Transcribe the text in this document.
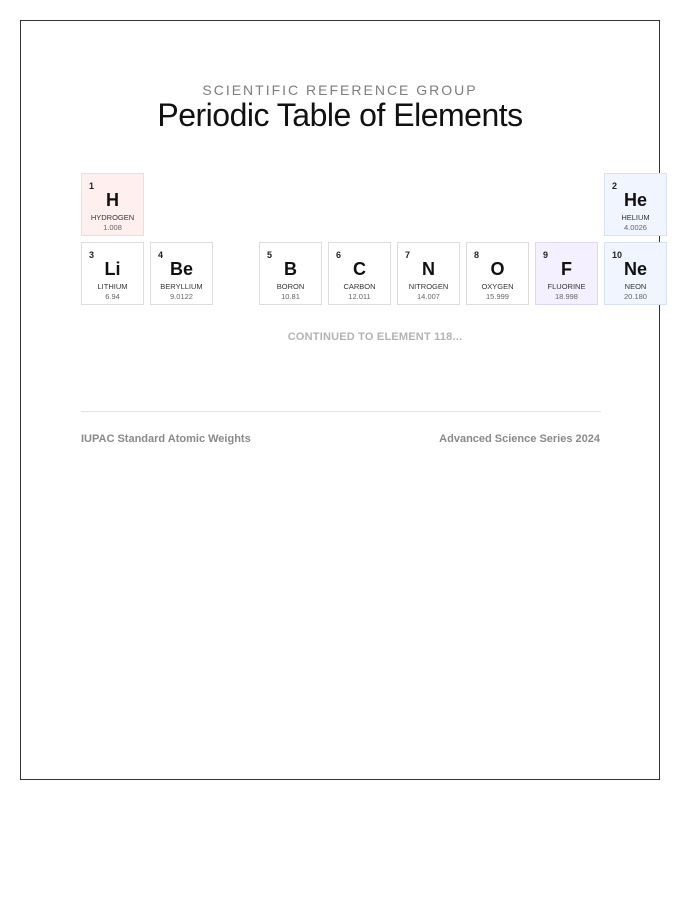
SCIENTIFIC REFERENCE GROUP
Periodic Table of Elements
1
H
HYDROGEN
1.008
2
He
HELIUM
4.0026
3
Li
LITHIUM
6.94
4
Be
BERYLLIUM
9.0122
5
B
BORON
10.81
6
C
CARBON
12.011
7
N
NITROGEN
14.007
8
O
OXYGEN
15.999
9
F
FLUORINE
18.998
10
Ne
NEON
20.180
CONTINUED TO ELEMENT 118...
IUPAC Standard Atomic Weights	Advanced Science Series 2024
